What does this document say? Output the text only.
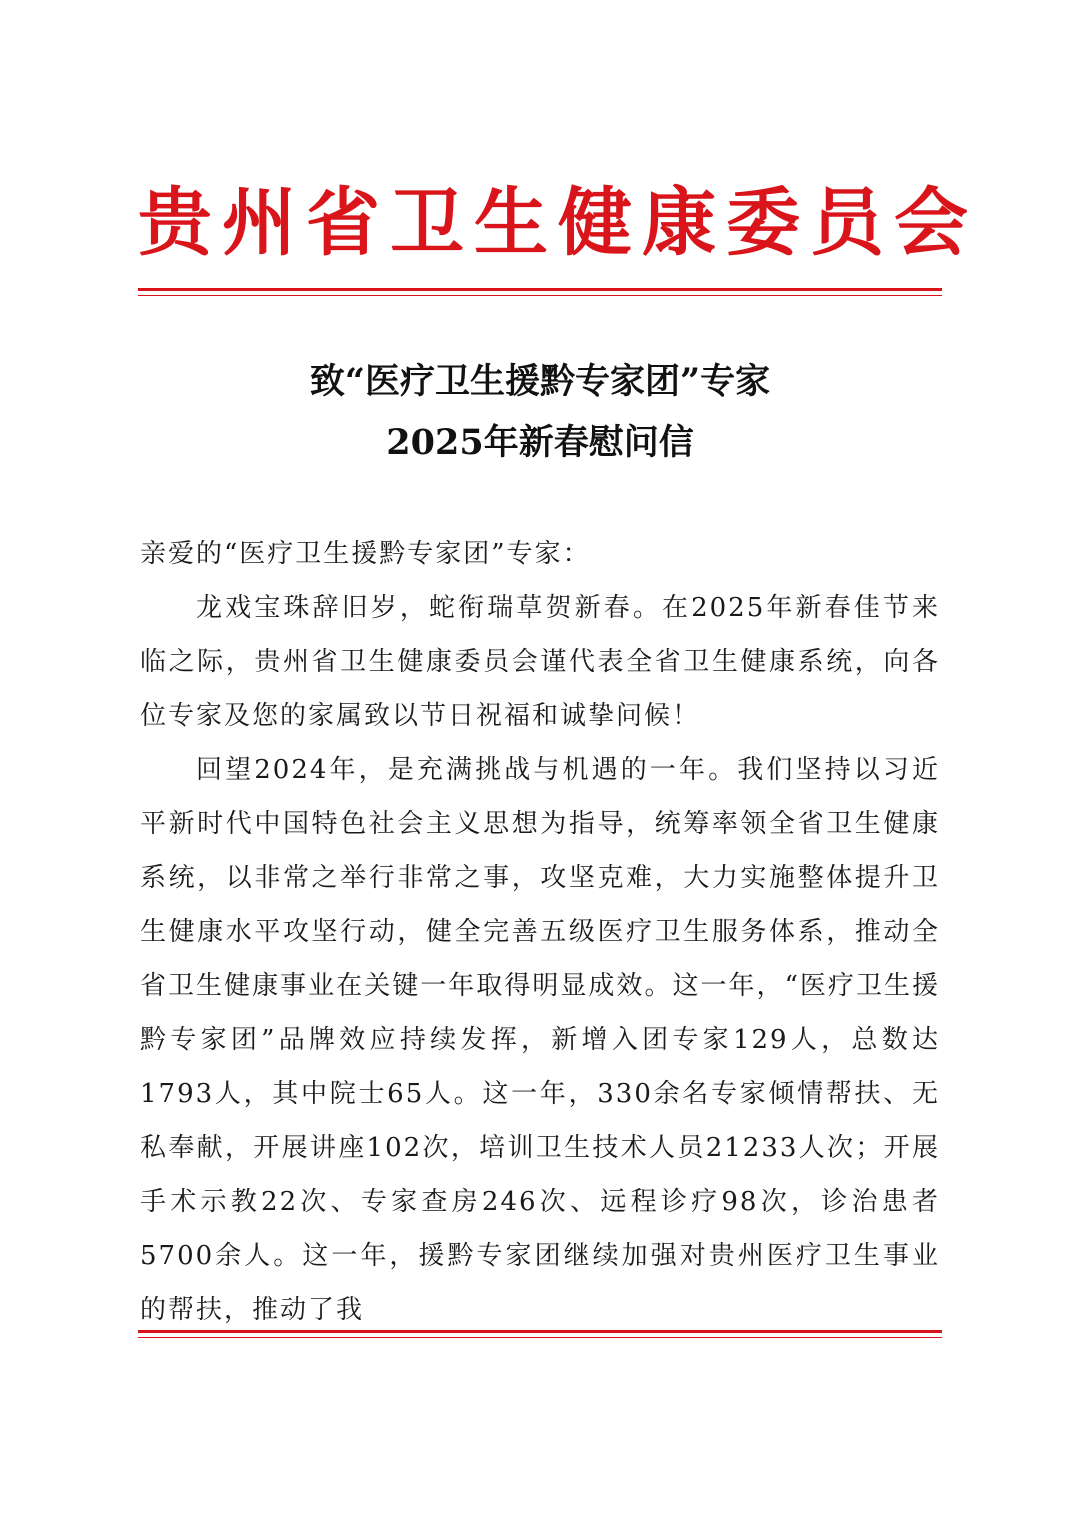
贵州省卫生健康委员会
致“医疗卫生援黔专家团”专家
2025年新春慰问信

亲爱的“医疗卫生援黔专家团”专家：

龙戏宝珠辞旧岁，蛇衔瑞草贺新春。在2025年新春佳节来临之际，贵州省卫生健康委员会谨代表全省卫生健康系统，向各位专家及您的家属致以节日祝福和诚挚问候！

回望2024年，是充满挑战与机遇的一年。我们坚持以习近平新时代中国特色社会主义思想为指导，统筹率领全省卫生健康系统，以非常之举行非常之事，攻坚克难，大力实施整体提升卫生健康水平攻坚行动，健全完善五级医疗卫生服务体系，推动全省卫生健康事业在关键一年取得明显成效。这一年，“医疗卫生援黔专家团”品牌效应持续发挥，新增入团专家129人，总数达1793人，其中院士65人。这一年，330余名专家倾情帮扶、无私奉献，开展讲座102次，培训卫生技术人员21233人次；开展手术示教22次、专家查房246次、远程诊疗98次，诊治患者5700余人。这一年，援黔专家团继续加强对贵州医疗卫生事业的帮扶，推动了我
